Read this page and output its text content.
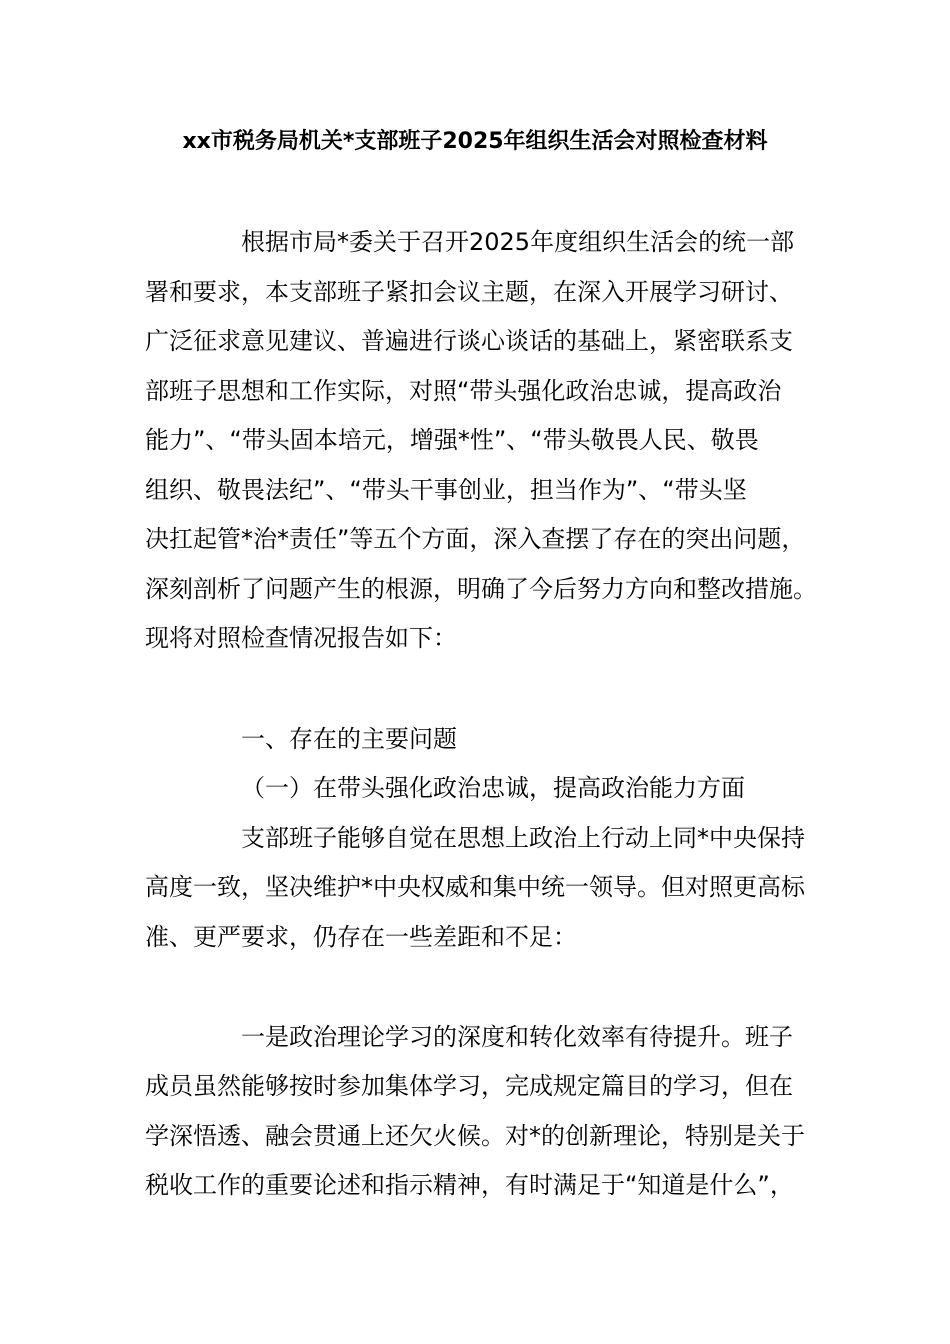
xx市税务局机关*支部班子2025年组织生活会对照检查材料
根据市局*委关于召开2025年度组织生活会的统一部
署和要求，本支部班子紧扣会议主题，在深入开展学习研讨、
广泛征求意见建议、普遍进行谈心谈话的基础上，紧密联系支
部班子思想和工作实际，对照“带头强化政治忠诚，提高政治
能力”、“带头固本培元，增强*性”、“带头敬畏人民、敬畏
组织、敬畏法纪”、“带头干事创业，担当作为”、“带头坚
决扛起管*治*责任”等五个方面，深入查摆了存在的突出问题，
深刻剖析了问题产生的根源，明确了今后努力方向和整改措施。
现将对照检查情况报告如下：
一、存在的主要问题
（一）在带头强化政治忠诚，提高政治能力方面
支部班子能够自觉在思想上政治上行动上同*中央保持
高度一致，坚决维护*中央权威和集中统一领导。但对照更高标
准、更严要求，仍存在一些差距和不足：
一是政治理论学习的深度和转化效率有待提升。班子
成员虽然能够按时参加集体学习，完成规定篇目的学习，但在
学深悟透、融会贯通上还欠火候。对*的创新理论，特别是关于
税收工作的重要论述和指示精神，有时满足于“知道是什么”，
